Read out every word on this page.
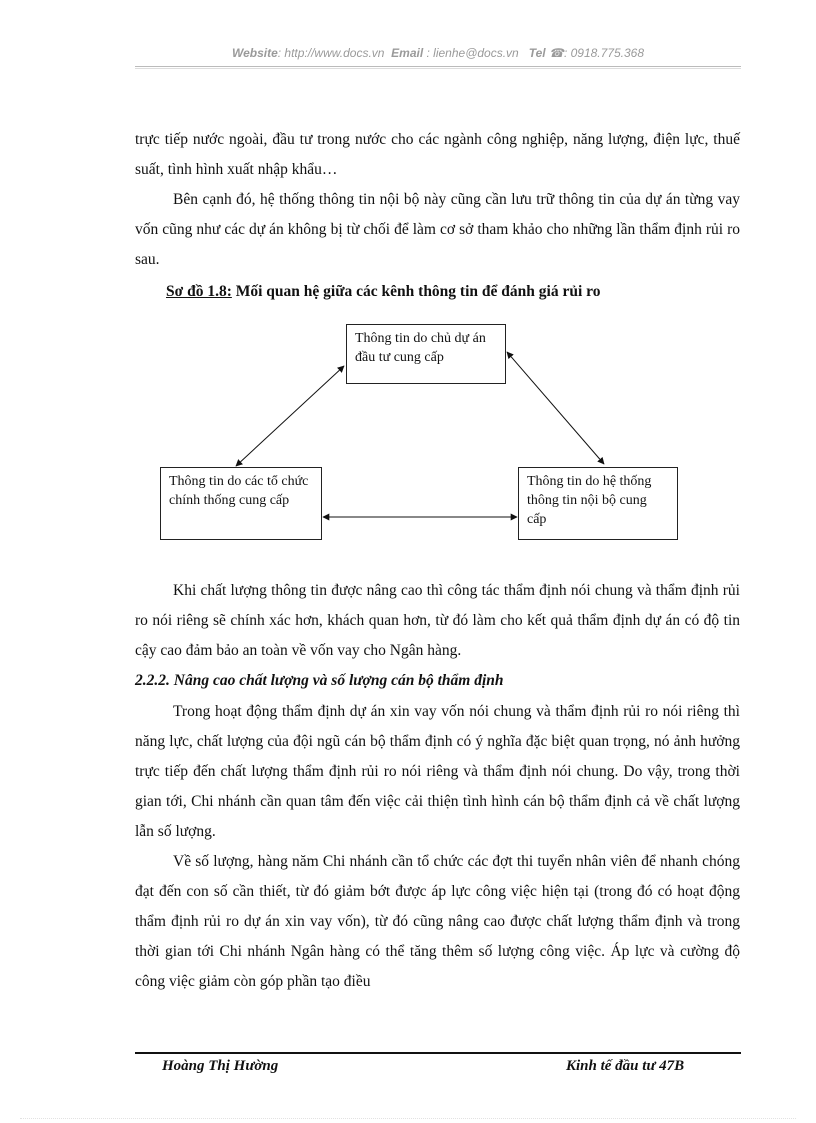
Website: http://www.docs.vn Email : lienhe@docs.vn Tel ☎: 0918.775.368

trực tiếp nước ngoài, đầu tư trong nước cho các ngành công nghiệp, năng lượng, điện lực, thuế suất, tình hình xuất nhập khẩu…

Bên cạnh đó, hệ thống thông tin nội bộ này cũng cần lưu trữ thông tin của dự án từng vay vốn cũng như các dự án không bị từ chối để làm cơ sở tham khảo cho những lần thẩm định rủi ro sau.

Sơ đồ 1.8: Mối quan hệ giữa các kênh thông tin để đánh giá rủi ro
Thông tin do chủ dự án đầu tư cung cấp
Thông tin do các tổ chức chính thống cung cấp
Thông tin do hệ thống thông tin nội bộ cung cấp

Khi chất lượng thông tin được nâng cao thì công tác thẩm định nói chung và thẩm định rủi ro nói riêng sẽ chính xác hơn, khách quan hơn, từ đó làm cho kết quả thẩm định dự án có độ tin cậy cao đảm bảo an toàn về vốn vay cho Ngân hàng.

2.2.2. Nâng cao chất lượng và số lượng cán bộ thẩm định

Trong hoạt động thẩm định dự án xin vay vốn nói chung và thẩm định rủi ro nói riêng thì năng lực, chất lượng của đội ngũ cán bộ thẩm định có ý nghĩa đặc biệt quan trọng, nó ảnh hưởng trực tiếp đến chất lượng thẩm định rủi ro nói riêng và thẩm định nói chung. Do vậy, trong thời gian tới, Chi nhánh cần quan tâm đến việc cải thiện tình hình cán bộ thẩm định cả về chất lượng lẫn số lượng.

Về số lượng, hàng năm Chi nhánh cần tổ chức các đợt thi tuyển nhân viên để nhanh chóng đạt đến con số cần thiết, từ đó giảm bớt được áp lực công việc hiện tại (trong đó có hoạt động thẩm định rủi ro dự án xin vay vốn), từ đó cũng nâng cao được chất lượng thẩm định và trong thời gian tới Chi nhánh Ngân hàng có thể tăng thêm số lượng công việc. Áp lực và cường độ công việc giảm còn góp phần tạo điều

Hoàng Thị Hường	Kinh tế đầu tư 47B
